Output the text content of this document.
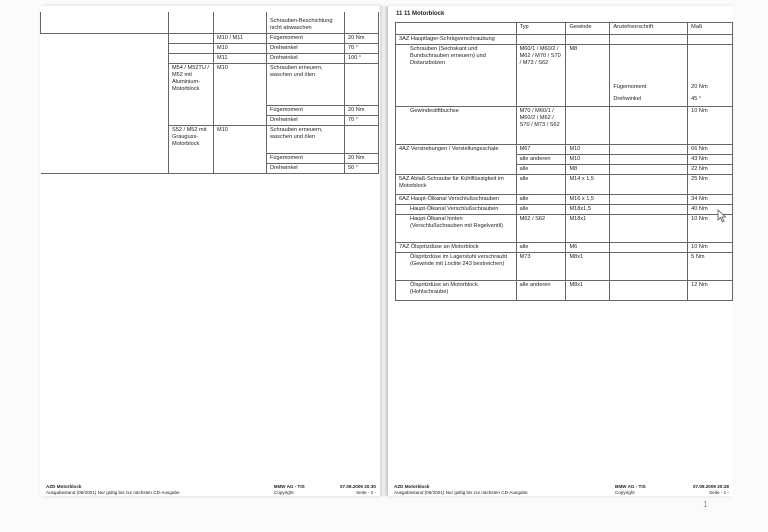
			Schrauben-Beschichtung nicht abwaschen	
		M10 / M11	Fügemoment	20 Nm
		M10	Drehwinkel	70 °
		M11	Drehwinkel	100 °
	M54 / M52TU / M52 mit Aluminium-Motorblock	M10	Schrauben erneuern, waschen und ölen	
			Fügemoment	20 Nm
			Drehwinkel	70 °
	S52 / M52 mit Grauguss-Motorblock	M10	Schrauben erneuern, waschen und ölen	
			Fügemoment	20 Nm
			Drehwinkel	50 °
AZD Motorblock
Ausgabestand (06/2001) Nur gültig bis zur nächsten CD-Ausgabe
BMW AG - TIS
Copyright
07.09.2009 20:30
Seite - 2 -
11 11 Motorblock
	Typ	Gewinde	Anziehvorschrift	Maß
3AZ Hauptlager-Schrägverschraubung				
Schrauben (Sechskant und Bundschrauben erneuern) und Distanzbolzen	M60/1 / M60/2 / M62 / M70 / S70 / M73 / S62	M8		
			Fügemoment	20 Nm
			Drehwinkel	45 °
Gewindestiftbuchse	M70 / M60/1 / M60/2 / M62 / S70 / M73 / S62			10 Nm
4AZ Verstrebungen / Verstellungsschale	M67	M10		66 Nm
	alle anderen	M10		43 Nm
	alle	M8		22 Nm
5AZ Ablaß-Schraube für Kühlflüssigkeit im Motorblock	alle	M14 x 1,5		25 Nm
6AZ Haupt-Ölkanal Verschlußschrauben	alle	M16 x 1,5		34 Nm
Haupt-Ölkanal Verschlußschrauben	alle	M18x1,5		40 Nm
Haupt-Ölkanal hinten (Verschlußschrauben mit Regelventil)	M62 / S62	M18x1		10 Nm
7AZ Ölspritzdüse an Motorblock	alle	M6		10 Nm
Ölspritzdüse im Lagerstuhl verschraubt (Gewinde mit Loctite 243 bestreichen)	M73	M8x1		5 Nm
Ölspritzdüse an Motorblock (Hohlschraube)	alle anderen	M8x1		12 Nm
AZD Motorblock
Ausgabestand (06/2001) Nur gültig bis zur nächsten CD-Ausgabe
BMW AG - TIS
Copyright
07.09.2009 20:28
Seite - 1 -
1
